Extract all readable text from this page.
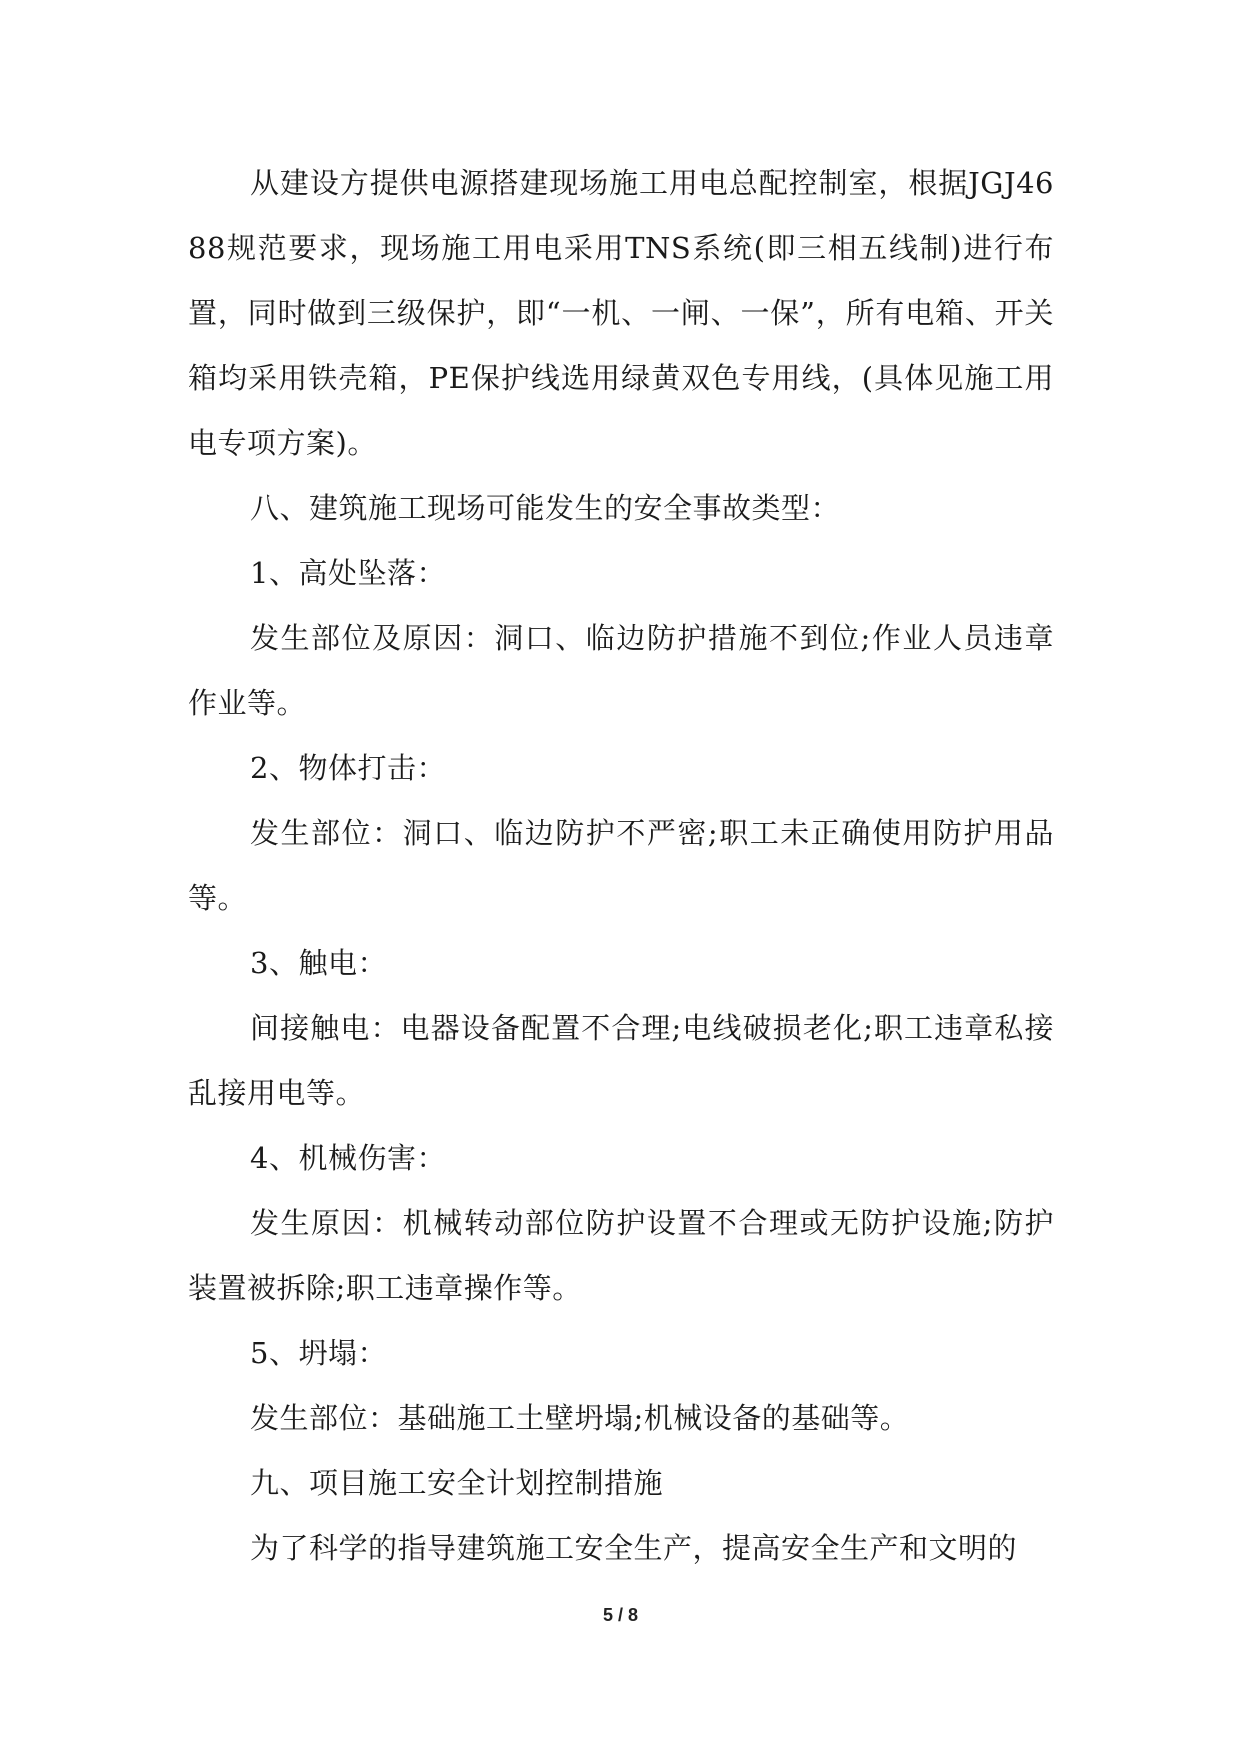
从建设方提供电源搭建现场施工用电总配控制室，根据JGJ4688规范要求，现场施工用电采用TNS系统(即三相五线制)进行布置，同时做到三级保护，即“一机、一闸、一保”，所有电箱、开关箱均采用铁壳箱，PE保护线选用绿黄双色专用线，(具体见施工用电专项方案)。

八、建筑施工现场可能发生的安全事故类型：

1、高处坠落：

发生部位及原因：洞口、临边防护措施不到位;作业人员违章作业等。

2、物体打击：

发生部位：洞口、临边防护不严密;职工未正确使用防护用品等。

3、触电：

间接触电：电器设备配置不合理;电线破损老化;职工违章私接乱接用电等。

4、机械伤害：

发生原因：机械转动部位防护设置不合理或无防护设施;防护装置被拆除;职工违章操作等。

5、坍塌：

发生部位：基础施工土壁坍塌;机械设备的基础等。

九、项目施工安全计划控制措施

为了科学的指导建筑施工安全生产，提高安全生产和文明的

5 / 8
